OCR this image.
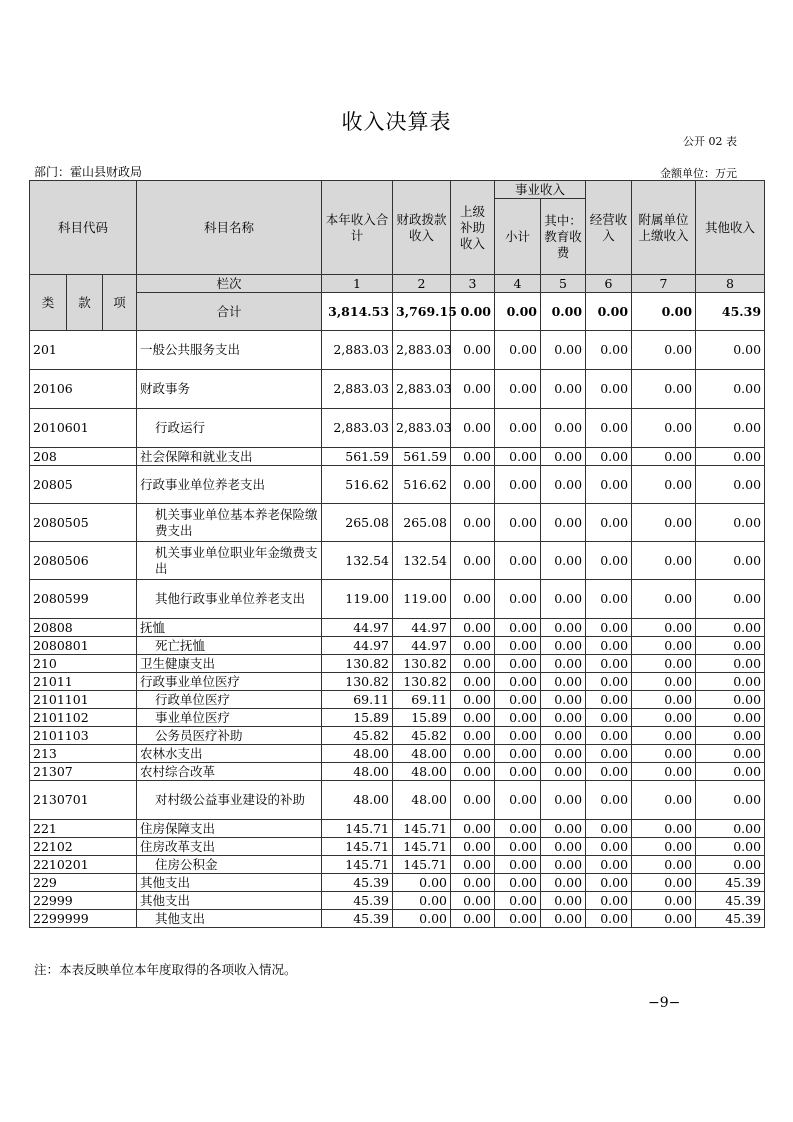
收入决算表
公开 02 表
部门：霍山县财政局	金额单位：万元
科目代码			科目名称	本年收入合计	财政拨款收入	上级补助收入	事业收入		经营收入	附属单位上缴收入	其他收入
							小计	其中：教育收费			
类	款	项	栏次	1	2	3	4	5	6	7	8
			合计	3,814.53	3,769.15	0.00	0.00	0.00	0.00	0.00	45.39
201			一般公共服务支出	2,883.03	2,883.03	0.00	0.00	0.00	0.00	0.00	0.00
20106			财政事务	2,883.03	2,883.03	0.00	0.00	0.00	0.00	0.00	0.00
2010601			行政运行	2,883.03	2,883.03	0.00	0.00	0.00	0.00	0.00	0.00
208			社会保障和就业支出	561.59	561.59	0.00	0.00	0.00	0.00	0.00	0.00
20805			行政事业单位养老支出	516.62	516.62	0.00	0.00	0.00	0.00	0.00	0.00
2080505			机关事业单位基本养老保险缴费支出	265.08	265.08	0.00	0.00	0.00	0.00	0.00	0.00
2080506			机关事业单位职业年金缴费支出	132.54	132.54	0.00	0.00	0.00	0.00	0.00	0.00
2080599			其他行政事业单位养老支出	119.00	119.00	0.00	0.00	0.00	0.00	0.00	0.00
20808			抚恤	44.97	44.97	0.00	0.00	0.00	0.00	0.00	0.00
2080801			死亡抚恤	44.97	44.97	0.00	0.00	0.00	0.00	0.00	0.00
210			卫生健康支出	130.82	130.82	0.00	0.00	0.00	0.00	0.00	0.00
21011			行政事业单位医疗	130.82	130.82	0.00	0.00	0.00	0.00	0.00	0.00
2101101			行政单位医疗	69.11	69.11	0.00	0.00	0.00	0.00	0.00	0.00
2101102			事业单位医疗	15.89	15.89	0.00	0.00	0.00	0.00	0.00	0.00
2101103			公务员医疗补助	45.82	45.82	0.00	0.00	0.00	0.00	0.00	0.00
213			农林水支出	48.00	48.00	0.00	0.00	0.00	0.00	0.00	0.00
21307			农村综合改革	48.00	48.00	0.00	0.00	0.00	0.00	0.00	0.00
2130701			对村级公益事业建设的补助	48.00	48.00	0.00	0.00	0.00	0.00	0.00	0.00
221			住房保障支出	145.71	145.71	0.00	0.00	0.00	0.00	0.00	0.00
22102			住房改革支出	145.71	145.71	0.00	0.00	0.00	0.00	0.00	0.00
2210201			住房公积金	145.71	145.71	0.00	0.00	0.00	0.00	0.00	0.00
229			其他支出	45.39	0.00	0.00	0.00	0.00	0.00	0.00	45.39
22999			其他支出	45.39	0.00	0.00	0.00	0.00	0.00	0.00	45.39
2299999			其他支出	45.39	0.00	0.00	0.00	0.00	0.00	0.00	45.39
注：本表反映单位本年度取得的各项收入情况。
−9−
